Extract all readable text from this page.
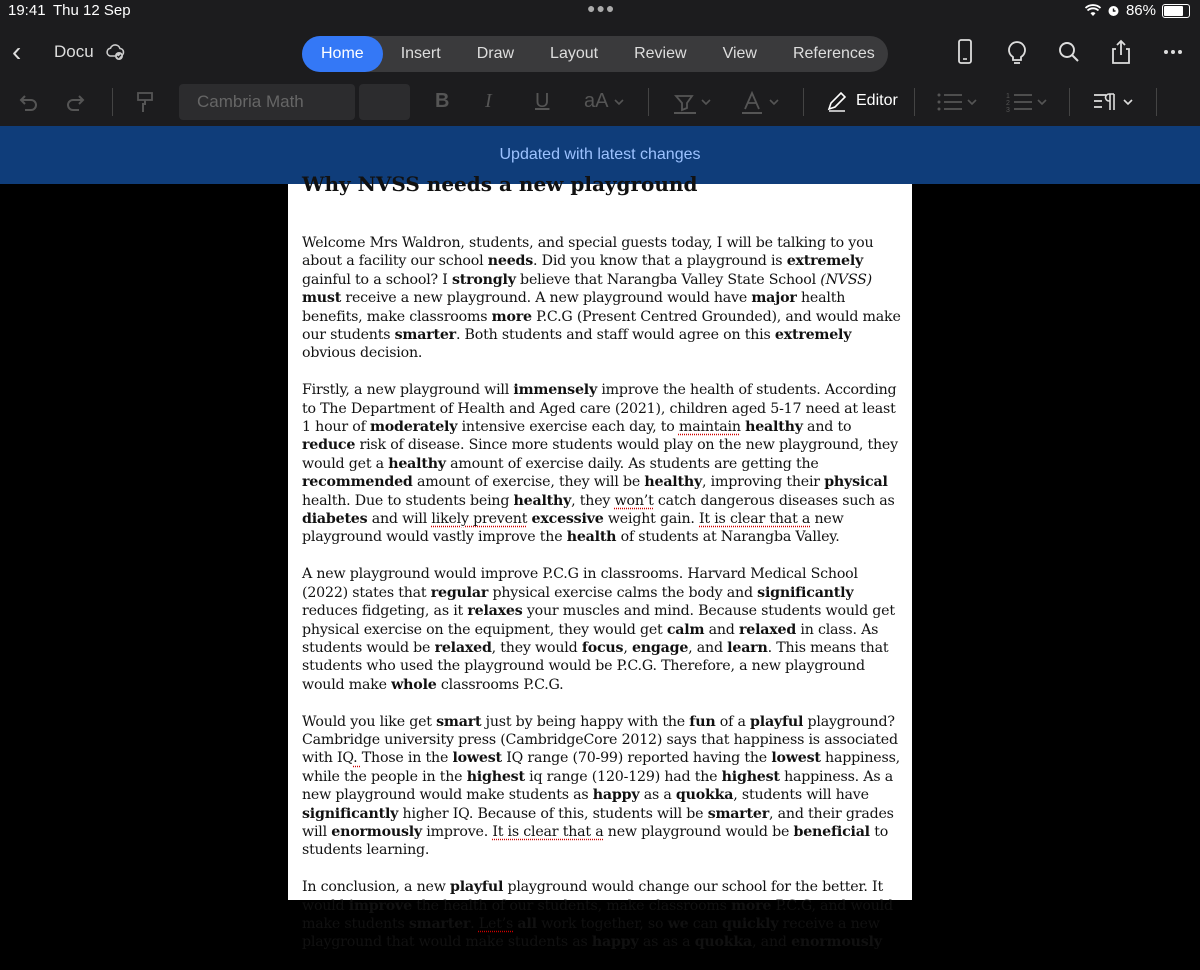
19:41 Thu 12 Sep	●●●	86%
‹ Docu	Home	Insert	Draw	Layout	Review	View	References
Cambria Math	B I U aA	Editor	1
2
3
Updated with latest changes
Why NVSS needs a new playground

Welcome Mrs Waldron, students, and special guests today, I will be talking to you about a facility our school needs. Did you know that a playground is extremely gainful to a school? I strongly believe that Narangba Valley State School (NVSS) must receive a new playground. A new playground would have major health benefits, make classrooms more P.C.G (Present Centred Grounded), and would make our students smarter. Both students and staff would agree on this extremely obvious decision.

Firstly, a new playground will immensely improve the health of students. According to The Department of Health and Aged care (2021), children aged 5-17 need at least 1 hour of moderately intensive exercise each day, to maintain healthy and to reduce risk of disease. Since more students would play on the new playground, they would get a healthy amount of exercise daily. As students are getting the recommended amount of exercise, they will be healthy, improving their physical health. Due to students being healthy, they won’t catch dangerous diseases such as diabetes and will likely prevent excessive weight gain. It is clear that a new playground would vastly improve the health of students at Narangba Valley.

A new playground would improve P.C.G in classrooms. Harvard Medical School (2022) states that regular physical exercise calms the body and significantly reduces fidgeting, as it relaxes your muscles and mind. Because students would get physical exercise on the equipment, they would get calm and relaxed in class. As students would be relaxed, they would focus, engage, and learn. This means that students who used the playground would be P.C.G. Therefore, a new playground would make whole classrooms P.C.G.

Would you like get smart just by being happy with the fun of a playful playground? Cambridge university press (CambridgeCore 2012) says that happiness is associated with IQ. Those in the lowest IQ range (70-99) reported having the lowest happiness, while the people in the highest iq range (120-129) had the highest happiness. As a new playground would make students as happy as a quokka, students will have significantly higher IQ. Because of this, students will be smarter, and their grades will enormously improve. It is clear that a new playground would be beneficial to students learning.

In conclusion, a new playful playground would change our school for the better. It would improve the health of our students, make classrooms more P.C.G, and would make students smarter. Let’s all work together, so we can quickly receive a new playground that would make students as happy as as a quokka, and enormously
